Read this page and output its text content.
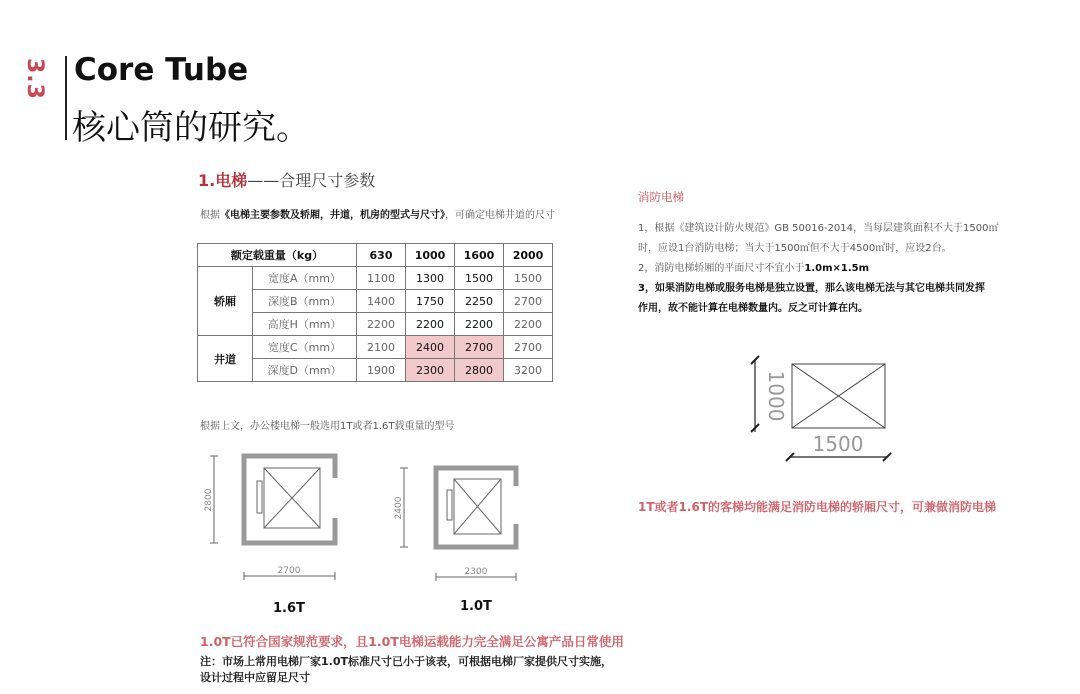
3.3 Core Tube
核心筒的研究。
1.电梯——合理尺寸参数
根据《电梯主要参数及轿厢，井道，机房的型式与尺寸》，可确定电梯井道的尺寸
额定载重量（kg）		630	1000	1600	2000
轿厢	宽度A（mm）	1100	1300	1500	1500
	深度B（mm）	1400	1750	2250	2700
	高度H（mm）	2200	2200	2200	2200
井道	宽度C（mm）	2100	2400	2700	2700
	深度D（mm）	1900	2300	2800	3200
根据上文，办公楼电梯一般选用1T或者1.6T载重量的型号
2800
2700
1.6T
2400
2300
1.0T
1.0T已符合国家规范要求，且1.0T电梯运载能力完全满足公寓产品日常使用
注：市场上常用电梯厂家1.0T标准尺寸已小于该表，可根据电梯厂家提供尺寸实施，
设计过程中应留足尺寸
消防电梯

1，根据《建筑设计防火规范》GB 50016-2014，当每层建筑面积不大于1500㎡

时，应设1台消防电梯；当大于1500㎡但不大于4500㎡时，应设2台。

2，消防电梯轿厢的平面尺寸不宜小于1.0m×1.5m

3，如果消防电梯或服务电梯是独立设置，那么该电梯无法与其它电梯共同发挥

作用，故不能计算在电梯数量内。反之可计算在内。

1000
1500
1T或者1.6T的客梯均能满足消防电梯的轿厢尺寸，可兼做消防电梯
